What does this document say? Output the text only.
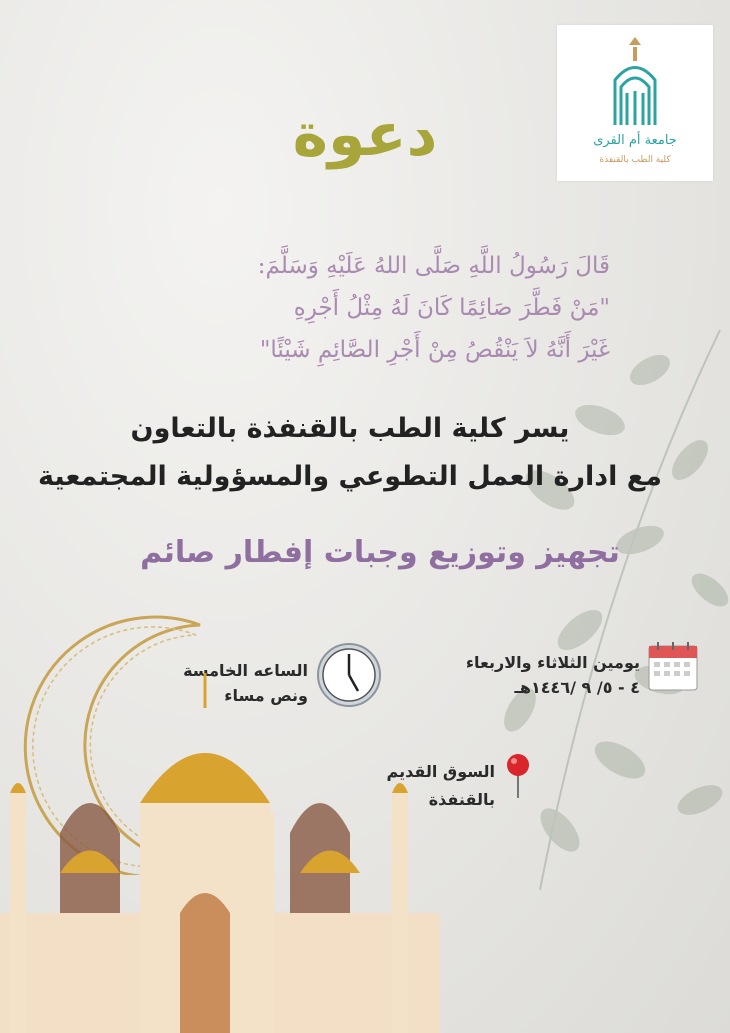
جامعة أم القرى
كلية الطب بالقنفذة
دعوة
قَالَ رَسُولُ اللَّهِ صَلَّى اللهُ عَلَيْهِ وَسَلَّمَ:
"مَنْ فَطَّرَ صَائِمًا كَانَ لَهُ مِثْلُ أَجْرِهِ
غَيْرَ أَنَّهُ لاَ يَنْقُصُ مِنْ أَجْرِ الصَّائِمِ شَيْئًا"
يسر كلية الطب بالقنفذة بالتعاون
مع ادارة العمل التطوعي والمسؤولية المجتمعية
تجهيز وتوزيع وجبات إفطار صائم
يومين الثلاثاء والاربعاء
٤ - ٥/ ٩ /١٤٤٦هـ
الساعه الخامسة
ونص مساء
السوق القديم
بالقنفذة
